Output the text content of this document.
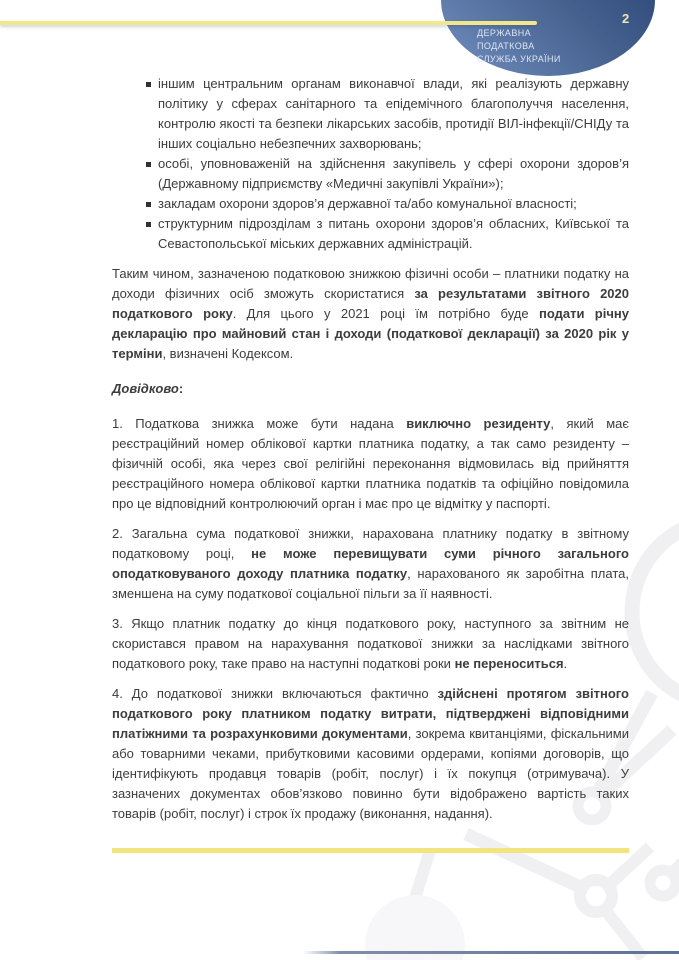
ДЕРЖАВНА
ПОДАТКОВА
СЛУЖБА УКРАЇНИ
2
іншим центральним органам виконавчої влади, які реалізують державну політику у сферах санітарного та епідемічного благополуччя населення, контролю якості та безпеки лікарських засобів, протидії ВІЛ-інфекції/СНІДу та інших соціально небезпечних захворювань;
особі, уповноваженій на здійснення закупівель у сфері охорони здоров’я (Державному підприємству «Медичні закупівлі України»);
закладам охорони здоров’я державної та/або комунальної власності;
структурним підрозділам з питань охорони здоров’я обласних, Київської та Севастопольської міських державних адміністрацій.

Таким чином, зазначеною податковою знижкою фізичні особи – платники податку на доходи фізичних осіб зможуть скористатися за результатами звітного 2020 податкового року. Для цього у 2021 році їм потрібно буде подати річну декларацію про майновий стан і доходи (податкової декларації) за 2020 рік у терміни, визначені Кодексом.

Довідково:

1. Податкова знижка може бути надана виключно резиденту, який має реєстраційний номер облікової картки платника податку, а так само резиденту – фізичній особі, яка через свої релігійні переконання відмовилась від прийняття реєстраційного номера облікової картки платника податків та офіційно повідомила про це відповідний контролюючий орган і має про це відмітку у паспорті.

2. Загальна сума податкової знижки, нарахована платнику податку в звітному податковому році, не може перевищувати суми річного загального оподатковуваного доходу платника податку, нарахованого як заробітна плата, зменшена на суму податкової соціальної пільги за її наявності.

3. Якщо платник податку до кінця податкового року, наступного за звітним не скористався правом на нарахування податкової знижки за наслідками звітного податкового року, таке право на наступні податкові роки не переноситься.

4. До податкової знижки включаються фактично здійснені протягом звітного податкового року платником податку витрати, підтверджені відповідними платіжними та розрахунковими документами, зокрема квитанціями, фіскальними або товарними чеками, прибутковими касовими ордерами, копіями договорів, що ідентифікують продавця товарів (робіт, послуг) і їх покупця (отримувача). У зазначених документах обов’язково повинно бути відображено вартість таких товарів (робіт, послуг) і строк їх продажу (виконання, надання).
